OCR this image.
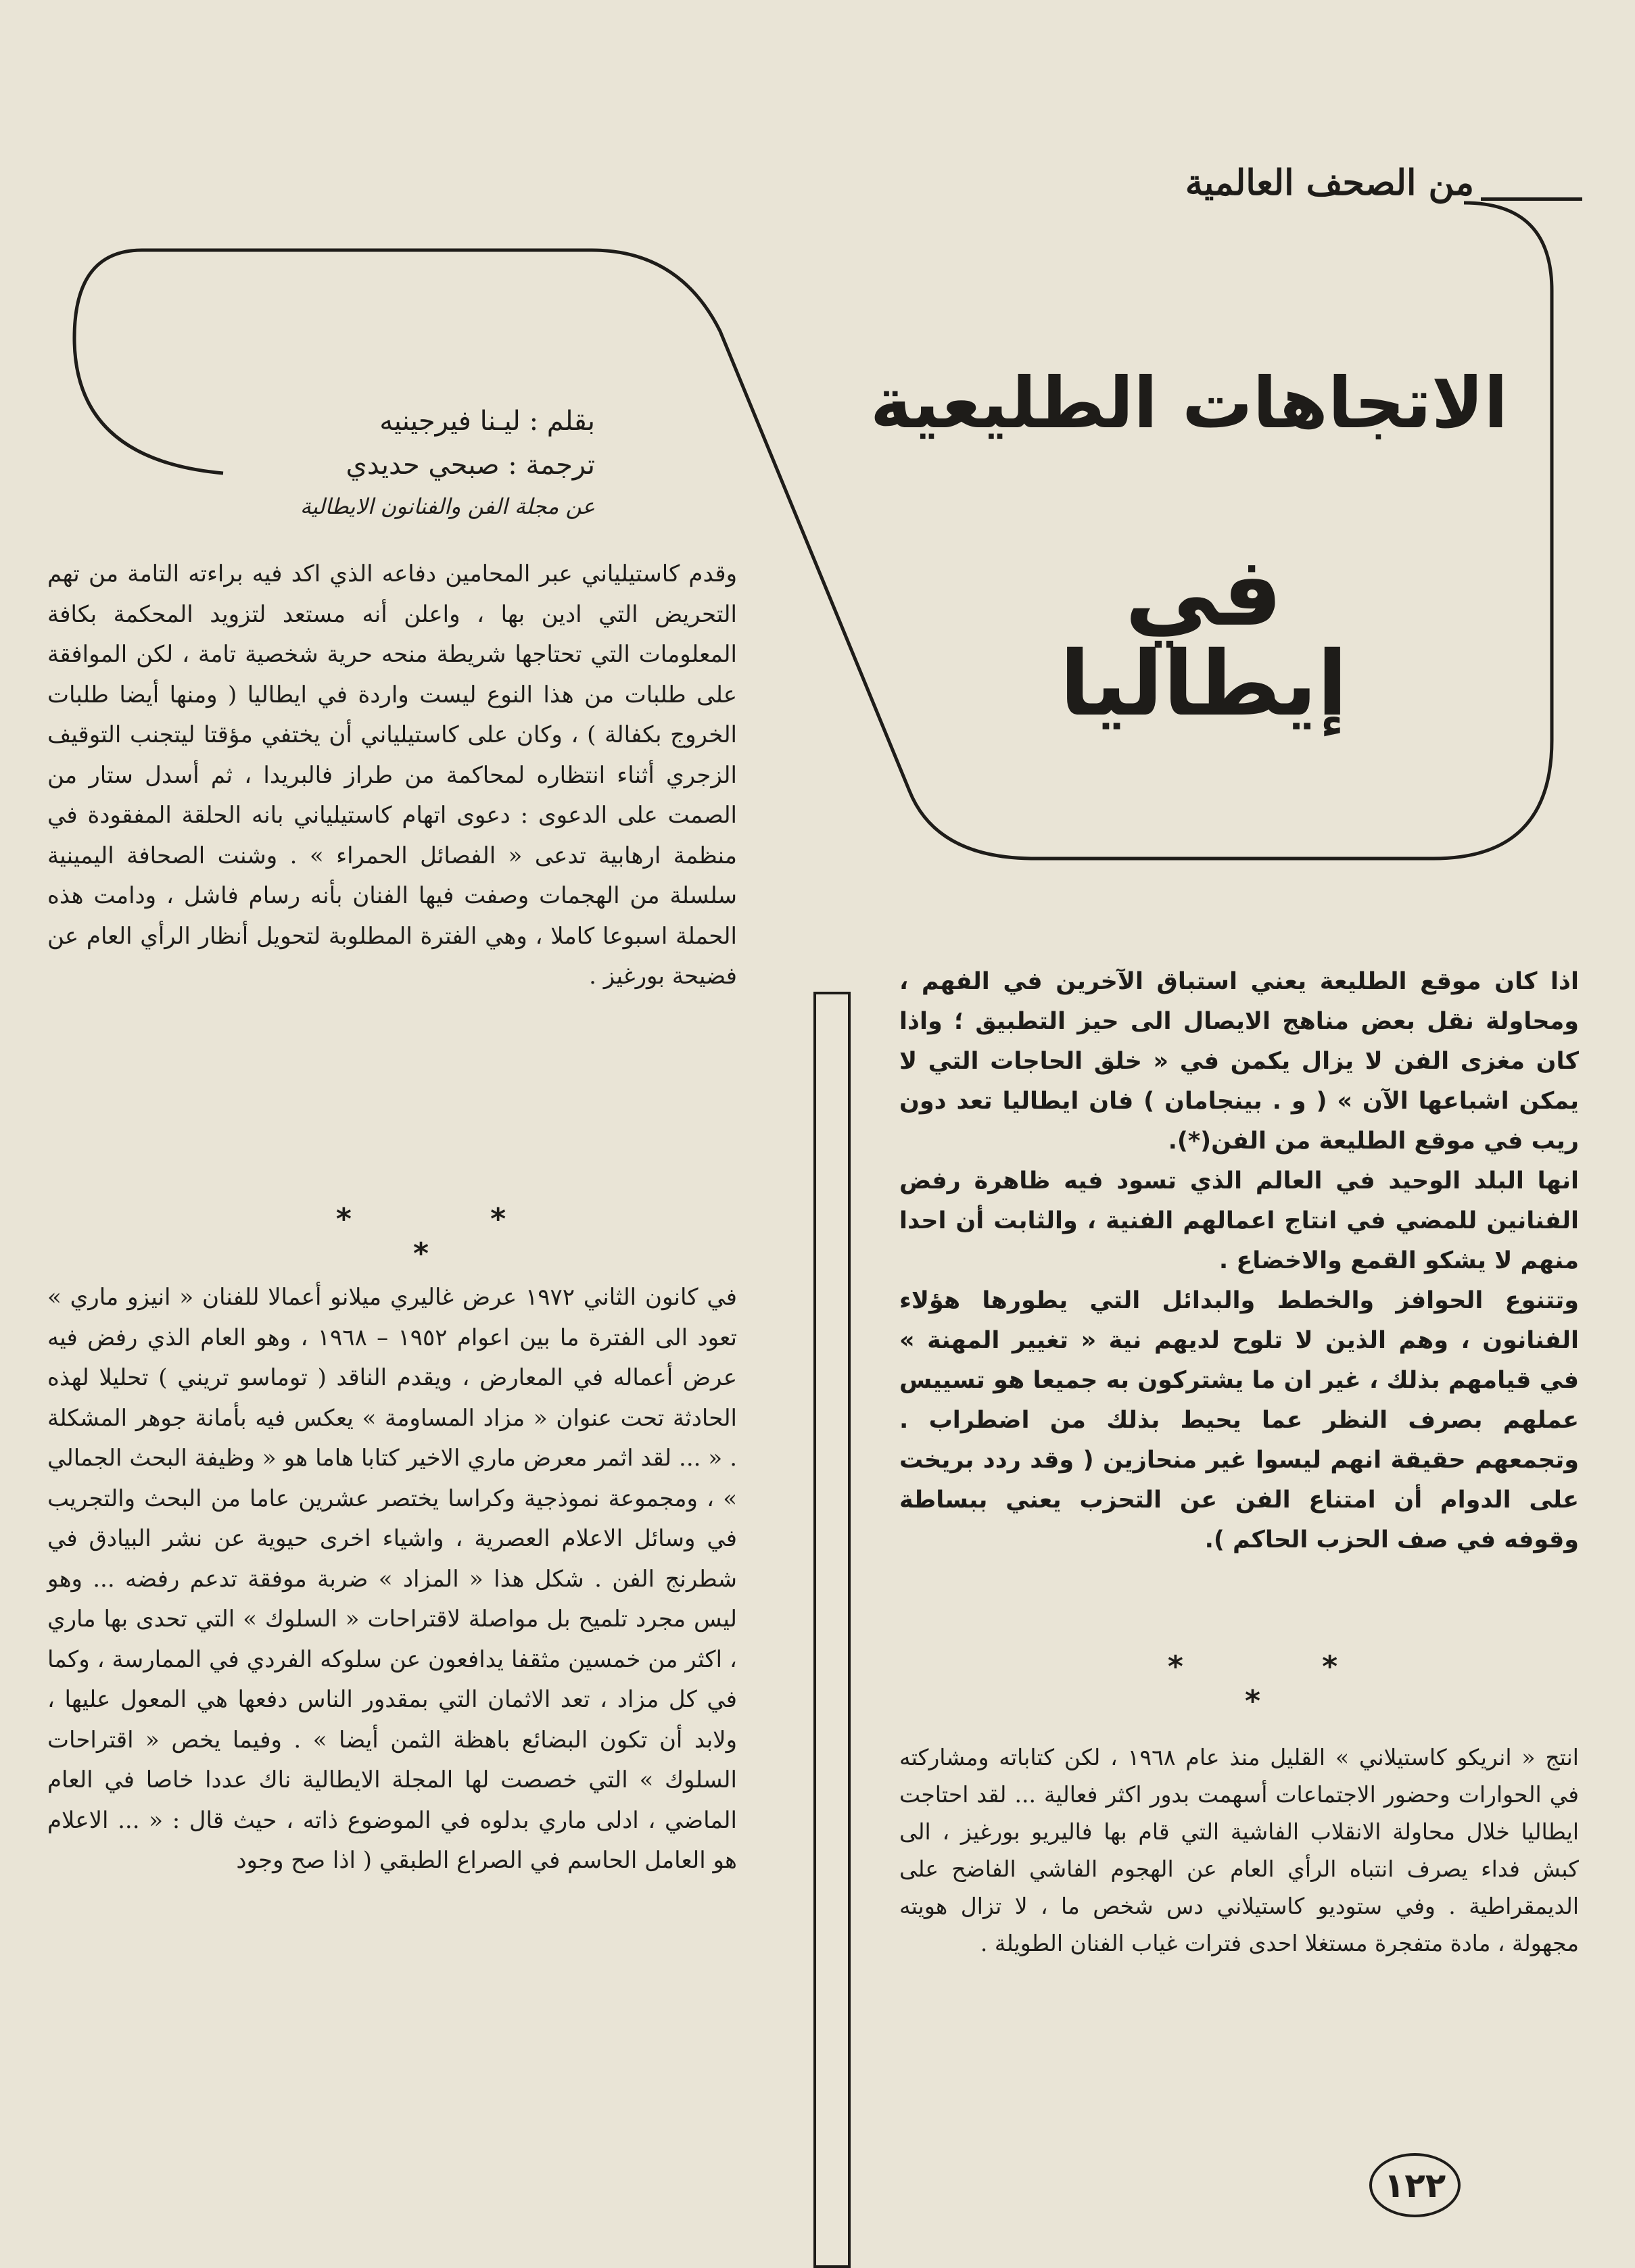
من الصحف العالمية
الاتجاهات الطليعية
في
إيطاليا
بقلم : ليـنا فيرجينيه
ترجمة : صبحي حديدي
عن مجلة الفن والفنانون الايطالية

وقدم كاستيلياني عبر المحامين دفاعه الذي اكد فيه براءته التامة من تهم التحريض التي ادين بها ، واعلن أنه مستعد لتزويد المحكمة بكافة المعلومات التي تحتاجها شريطة منحه حرية شخصية تامة ، لكن الموافقة على طلبات من هذا النوع ليست واردة في ايطاليا ( ومنها أيضا طلبات الخروج بكفالة ) ، وكان على كاستيلياني أن يختفي مؤقتا ليتجنب التوقيف الزجري أثناء انتظاره لمحاكمة من طراز فالبريدا ، ثم أسدل ستار من الصمت على الدعوى : دعوى اتهام كاستيلياني بانه الحلقة المفقودة في منظمة ارهابية تدعى « الفصائل الحمراء » . وشنت الصحافة اليمينية سلسلة من الهجمات وصفت فيها الفنان بأنه رسام فاشل ، ودامت هذه الحملة اسبوعا كاملا ، وهي الفترة المطلوبة لتحويل أنظار الرأي العام عن فضيحة بورغيز .

* * *

في كانون الثاني ١٩٧٢ عرض غاليري ميلانو أعمالا للفنان « انيزو ماري » تعود الى الفترة ما بين اعوام ١٩٥٢ – ١٩٦٨ ، وهو العام الذي رفض فيه عرض أعماله في المعارض ، ويقدم الناقد ( توماسو تريني ) تحليلا لهذه الحادثة تحت عنوان « مزاد المساومة » يعكس فيه بأمانة جوهر المشكلة . « ... لقد اثمر معرض ماري الاخير كتابا هاما هو « وظيفة البحث الجمالي » ، ومجموعة نموذجية وكراسا يختصر عشرين عاما من البحث والتجريب في وسائل الاعلام العصرية ، واشياء اخرى حيوية عن نشر البيادق في شطرنج الفن . شكل هذا « المزاد » ضربة موفقة تدعم رفضه ... وهو ليس مجرد تلميح بل مواصلة لاقتراحات « السلوك » التي تحدى بها ماري ، اكثر من خمسين مثقفا يدافعون عن سلوكه الفردي في الممارسة ، وكما في كل مزاد ، تعد الاثمان التي بمقدور الناس دفعها هي المعول عليها ، ولابد أن تكون البضائع باهظة الثمن أيضا » . وفيما يخص « اقتراحات السلوك » التي خصصت لها المجلة الايطالية ناك عددا خاصا في العام الماضي ، ادلى ماري بدلوه في الموضوع ذاته ، حيث قال : « ... الاعلام هو العامل الحاسم في الصراع الطبقي ( اذا صح وجود

اذا كان موقع الطليعة يعني استباق الآخرين في الفهم ، ومحاولة نقل بعض مناهج الايصال الى حيز التطبيق ؛ واذا كان مغزى الفن لا يزال يكمن في « خلق الحاجات التي لا يمكن اشباعها الآن » ( و . بينجامان ) فان ايطاليا تعد دون ريب في موقع الطليعة من الفن(*).

انها البلد الوحيد في العالم الذي تسود فيه ظاهرة رفض الفنانين للمضي في انتاج اعمالهم الفنية ، والثابت أن احدا منهم لا يشكو القمع والاخضاع .

وتتنوع الحوافز والخطط والبدائل التي يطورها هؤلاء الفنانون ، وهم الذين لا تلوح لديهم نية « تغيير المهنة » في قيامهم بذلك ، غير ان ما يشتركون به جميعا هو تسييس عملهم بصرف النظر عما يحيط بذلك من اضطراب . وتجمعهم حقيقة انهم ليسوا غير منحازين ( وقد ردد بريخت على الدوام أن امتناع الفن عن التحزب يعني ببساطة وقوفه في صف الحزب الحاكم ).

* * *

انتج « انريكو كاستيلاني » القليل منذ عام ١٩٦٨ ، لكن كتاباته ومشاركته في الحوارات وحضور الاجتماعات أسهمت بدور اكثر فعالية ... لقد احتاجت ايطاليا خلال محاولة الانقلاب الفاشية التي قام بها فاليريو بورغيز ، الى كبش فداء يصرف انتباه الرأي العام عن الهجوم الفاشي الفاضح على الديمقراطية . وفي ستوديو كاستيلاني دس شخص ما ، لا تزال هويته مجهولة ، مادة متفجرة مستغلا احدى فترات غياب الفنان الطويلة .

١٢٢
